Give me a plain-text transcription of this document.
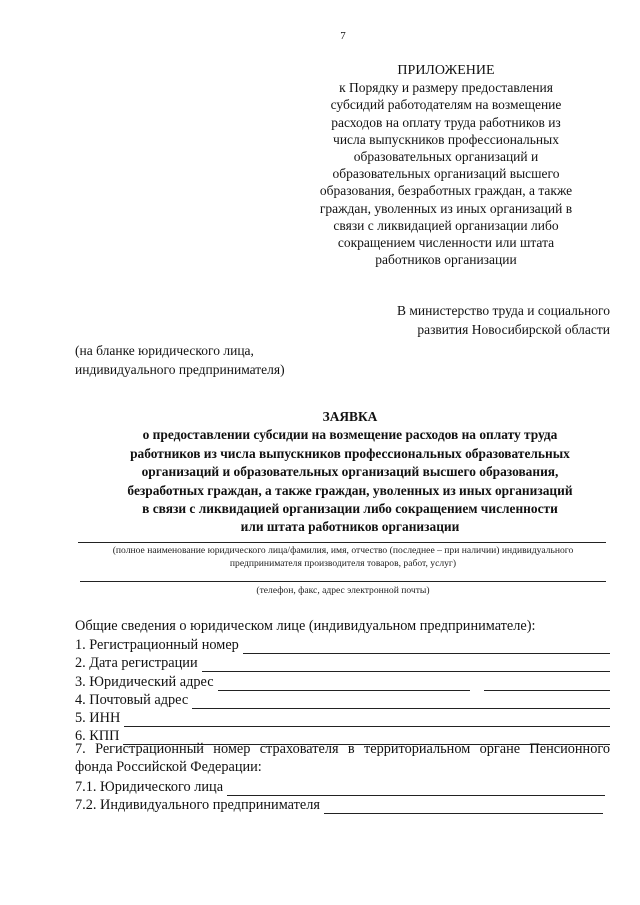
7
ПРИЛОЖЕНИЕ
к Порядку и размеру предоставления
субсидий работодателям на возмещение
расходов на оплату труда работников из
числа выпускников профессиональных
образовательных организаций и
образовательных организаций высшего
образования, безработных граждан, а также
граждан, уволенных из иных организаций в
связи с ликвидацией организации либо
сокращением численности или штата
работников организации
В министерство труда и социального
развития Новосибирской области
(на бланке юридического лица,
индивидуального предпринимателя)
ЗАЯВКА
о предоставлении субсидии на возмещение расходов на оплату труда
работников из числа выпускников профессиональных образовательных
организаций и образовательных организаций высшего образования,
безработных граждан, а также граждан, уволенных из иных организаций
в связи с ликвидацией организации либо сокращением численности
или штата работников организации
(полное наименование юридического лица/фамилия, имя, отчество (последнее – при наличии) индивидуального
предпринимателя производителя товаров, работ, услуг)
(телефон, факс, адрес электронной почты)
Общие сведения о юридическом лице (индивидуальном предпринимателе):
1. Регистрационный номер
2. Дата регистрации
3. Юридический адрес
4. Почтовый адрес
5. ИНН
6. КПП
7. Регистрационный номер страхователя в территориальном органе Пенсионного
фонда Российской Федерации:
7.1. Юридического лица
7.2. Индивидуального предпринимателя
